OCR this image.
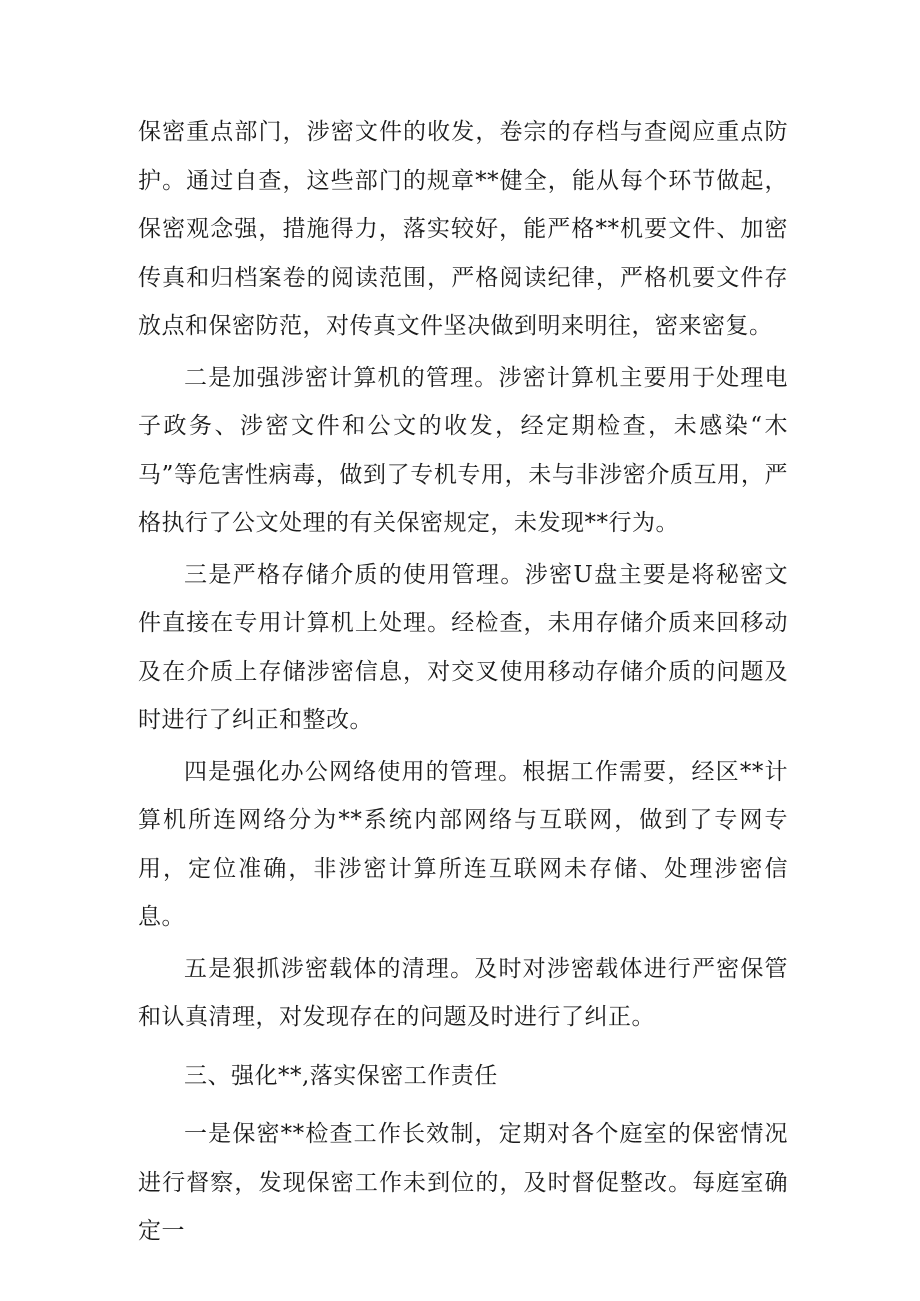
保密重点部门，涉密文件的收发，卷宗的存档与查阅应重点防护。通过自查，这些部门的规章**健全，能从每个环节做起，保密观念强，措施得力，落实较好，能严格**机要文件、加密传真和归档案卷的阅读范围，严格阅读纪律，严格机要文件存放点和保密防范，对传真文件坚决做到明来明往，密来密复。

二是加强涉密计算机的管理。涉密计算机主要用于处理电子政务、涉密文件和公文的收发，经定期检查，未感染“木马”等危害性病毒，做到了专机专用，未与非涉密介质互用，严格执行了公文处理的有关保密规定，未发现**行为。

三是严格存储介质的使用管理。涉密U盘主要是将秘密文件直接在专用计算机上处理。经检查，未用存储介质来回移动及在介质上存储涉密信息，对交叉使用移动存储介质的问题及时进行了纠正和整改。

四是强化办公网络使用的管理。根据工作需要，经区**计算机所连网络分为**系统内部网络与互联网，做到了专网专用，定位准确，非涉密计算所连互联网未存储、处理涉密信息。

五是狠抓涉密载体的清理。及时对涉密载体进行严密保管和认真清理，对发现存在的问题及时进行了纠正。

三、强化**,落实保密工作责任

一是保密**检查工作长效制，定期对各个庭室的保密情况进行督察，发现保密工作未到位的，及时督促整改。每庭室确定一
